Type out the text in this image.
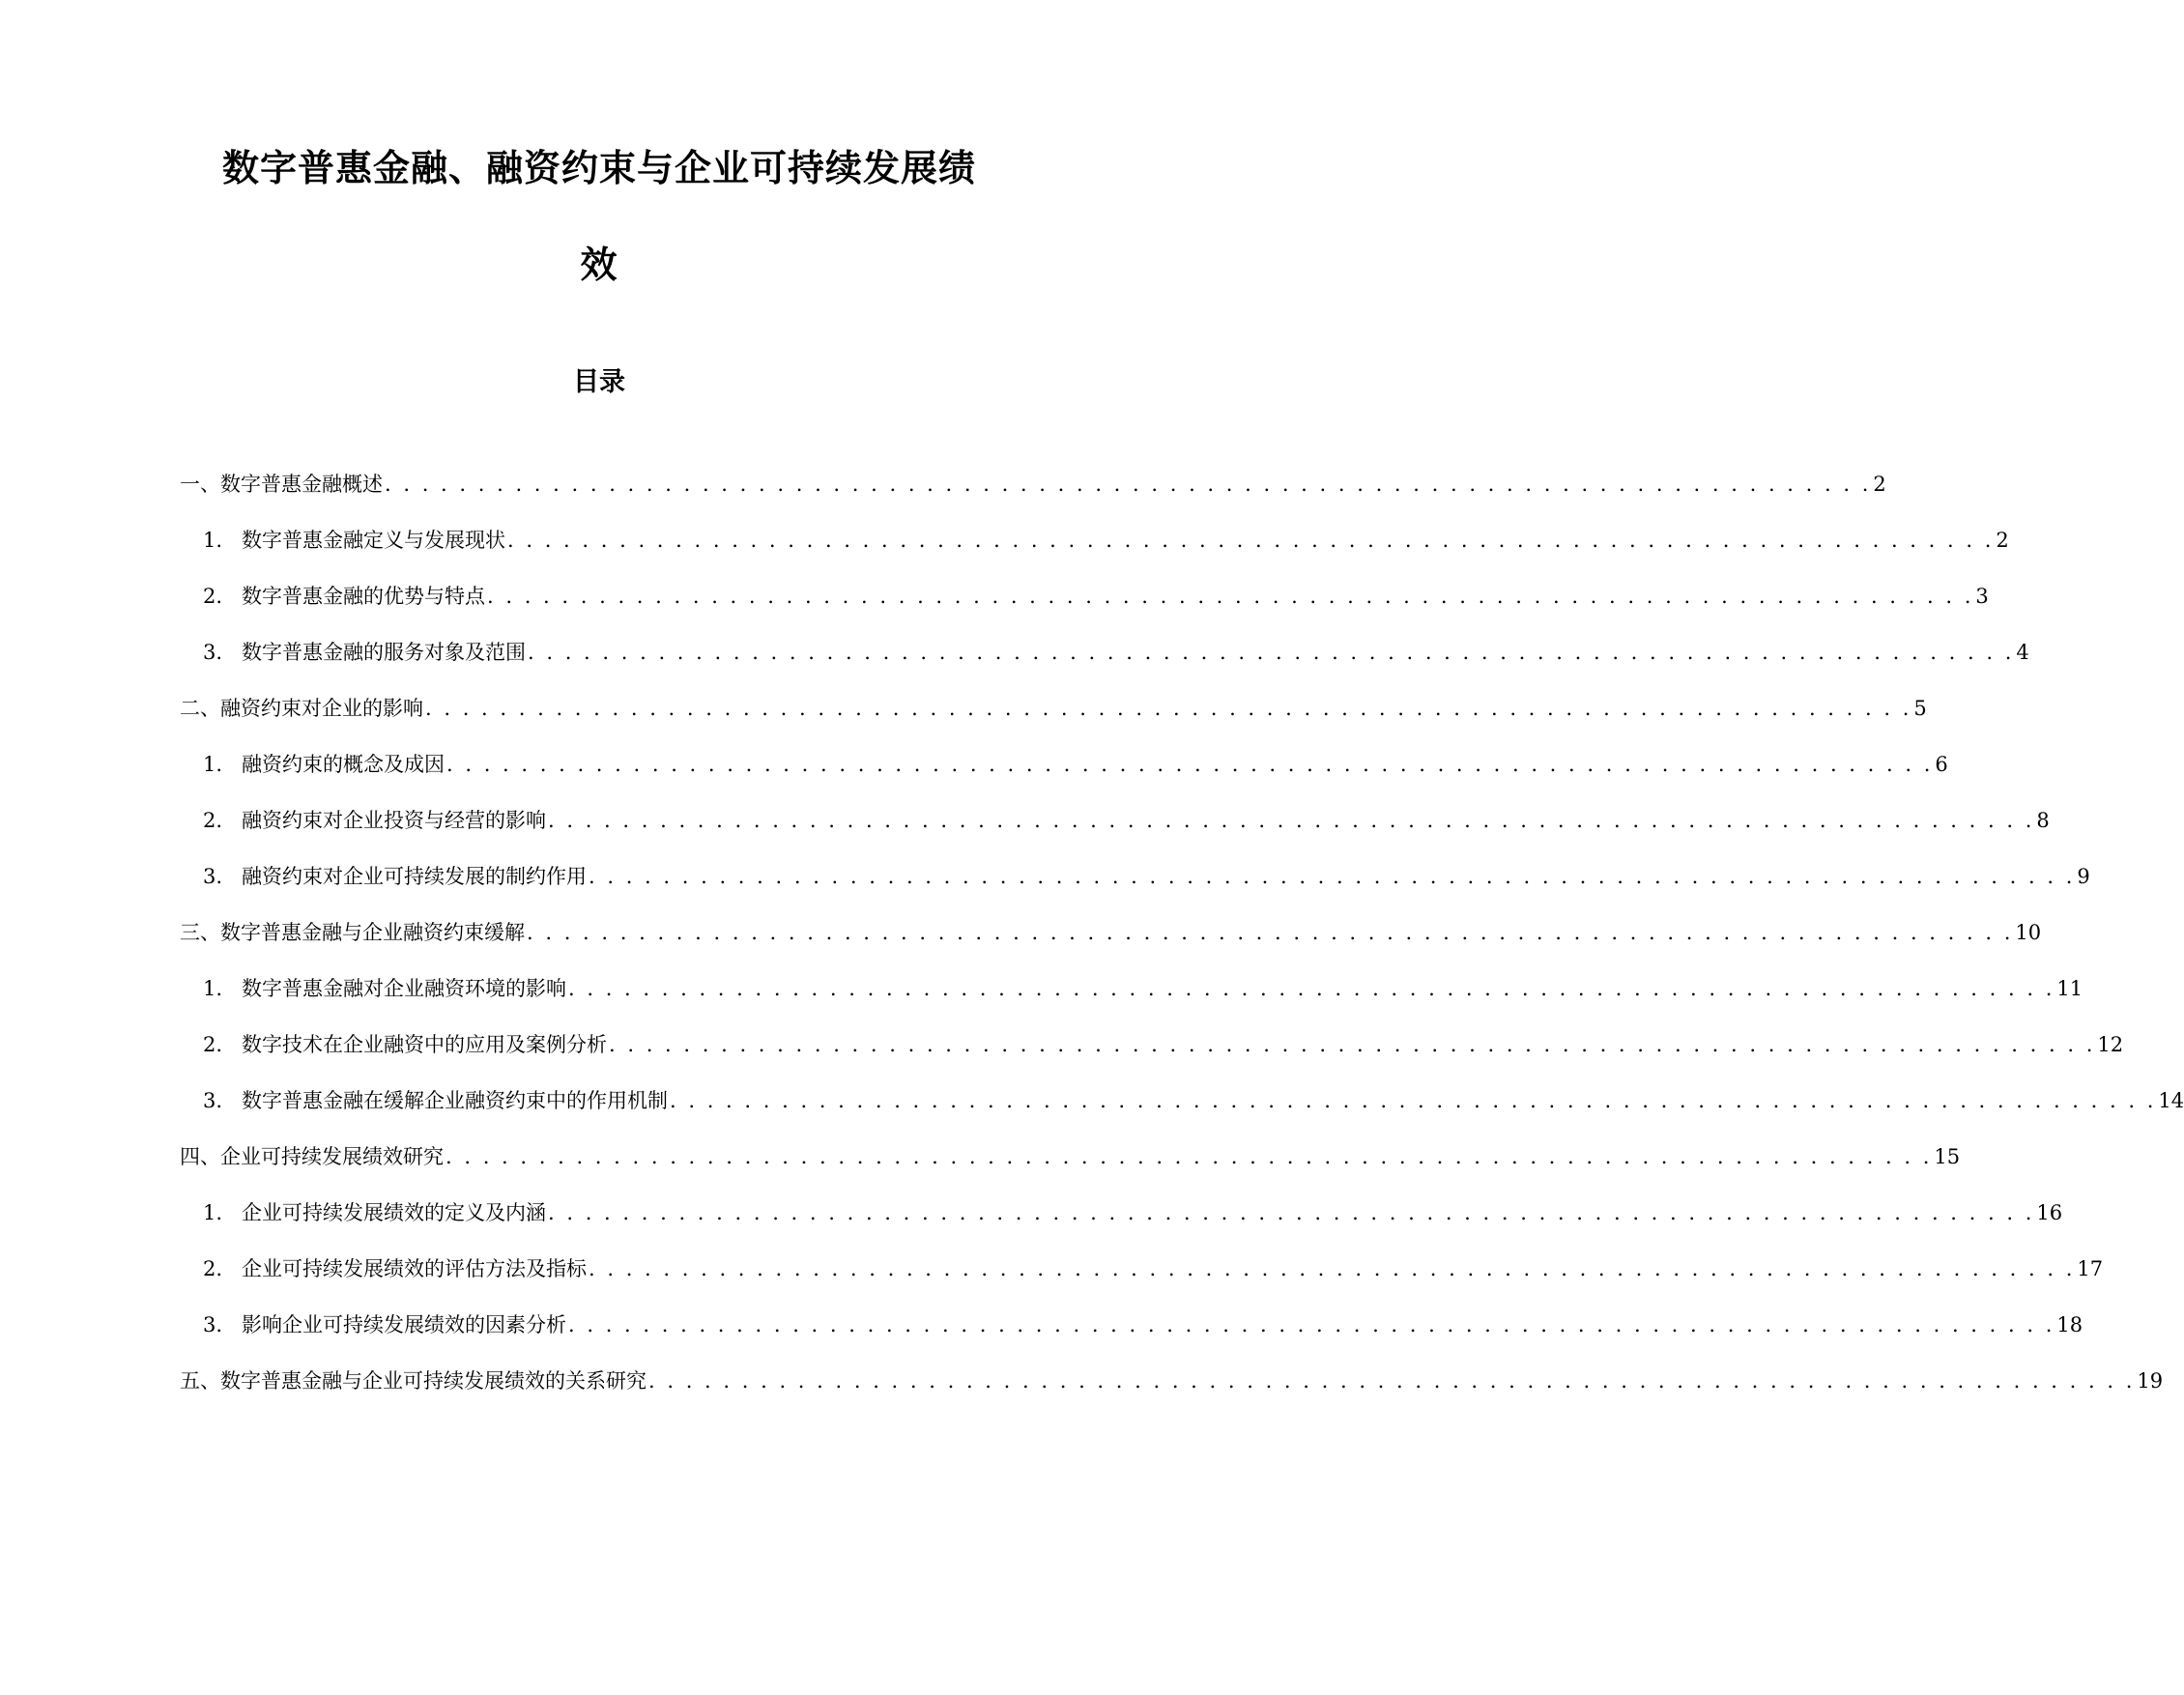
数字普惠金融、融资约束与企业可持续发展绩
效
目录
一、数字普惠金融概述 . . . . . . . . . . . . . . . . . . . . . . . . . . . . . . . . . . . . . . . . . . . . . . . . . . . . . . . . . . . . . . . . . . . . . . . . . . . . . . . . 2
1. 数字普惠金融定义与发展现状 . . . . . . . . . . . . . . . . . . . . . . . . . . . . . . . . . . . . . . . . . . . . . . . . . . . . . . . . . . . . . . . . . . . . . . . . . . . . . . . . 2
2. 数字普惠金融的优势与特点 . . . . . . . . . . . . . . . . . . . . . . . . . . . . . . . . . . . . . . . . . . . . . . . . . . . . . . . . . . . . . . . . . . . . . . . . . . . . . . . . 3
3. 数字普惠金融的服务对象及范围 . . . . . . . . . . . . . . . . . . . . . . . . . . . . . . . . . . . . . . . . . . . . . . . . . . . . . . . . . . . . . . . . . . . . . . . . . . . . . . . . 4
二、融资约束对企业的影响 . . . . . . . . . . . . . . . . . . . . . . . . . . . . . . . . . . . . . . . . . . . . . . . . . . . . . . . . . . . . . . . . . . . . . . . . . . . . . . . . 5
1. 融资约束的概念及成因 . . . . . . . . . . . . . . . . . . . . . . . . . . . . . . . . . . . . . . . . . . . . . . . . . . . . . . . . . . . . . . . . . . . . . . . . . . . . . . . . 6
2. 融资约束对企业投资与经营的影响 . . . . . . . . . . . . . . . . . . . . . . . . . . . . . . . . . . . . . . . . . . . . . . . . . . . . . . . . . . . . . . . . . . . . . . . . . . . . . . . . 8
3. 融资约束对企业可持续发展的制约作用 . . . . . . . . . . . . . . . . . . . . . . . . . . . . . . . . . . . . . . . . . . . . . . . . . . . . . . . . . . . . . . . . . . . . . . . . . . . . . . . . 9
三、数字普惠金融与企业融资约束缓解 . . . . . . . . . . . . . . . . . . . . . . . . . . . . . . . . . . . . . . . . . . . . . . . . . . . . . . . . . . . . . . . . . . . . . . . . . . . . . . . . 10
1. 数字普惠金融对企业融资环境的影响 . . . . . . . . . . . . . . . . . . . . . . . . . . . . . . . . . . . . . . . . . . . . . . . . . . . . . . . . . . . . . . . . . . . . . . . . . . . . . . . . 11
2. 数字技术在企业融资中的应用及案例分析 . . . . . . . . . . . . . . . . . . . . . . . . . . . . . . . . . . . . . . . . . . . . . . . . . . . . . . . . . . . . . . . . . . . . . . . . . . . . . . . . 12
3. 数字普惠金融在缓解企业融资约束中的作用机制 . . . . . . . . . . . . . . . . . . . . . . . . . . . . . . . . . . . . . . . . . . . . . . . . . . . . . . . . . . . . . . . . . . . . . . . . . . . . . . . . 14
四、企业可持续发展绩效研究 . . . . . . . . . . . . . . . . . . . . . . . . . . . . . . . . . . . . . . . . . . . . . . . . . . . . . . . . . . . . . . . . . . . . . . . . . . . . . . . . 15
1. 企业可持续发展绩效的定义及内涵 . . . . . . . . . . . . . . . . . . . . . . . . . . . . . . . . . . . . . . . . . . . . . . . . . . . . . . . . . . . . . . . . . . . . . . . . . . . . . . . . 16
2. 企业可持续发展绩效的评估方法及指标 . . . . . . . . . . . . . . . . . . . . . . . . . . . . . . . . . . . . . . . . . . . . . . . . . . . . . . . . . . . . . . . . . . . . . . . . . . . . . . . . 17
3. 影响企业可持续发展绩效的因素分析 . . . . . . . . . . . . . . . . . . . . . . . . . . . . . . . . . . . . . . . . . . . . . . . . . . . . . . . . . . . . . . . . . . . . . . . . . . . . . . . . 18
五、数字普惠金融与企业可持续发展绩效的关系研究 . . . . . . . . . . . . . . . . . . . . . . . . . . . . . . . . . . . . . . . . . . . . . . . . . . . . . . . . . . . . . . . . . . . . . . . . . . . . . . . . 19
